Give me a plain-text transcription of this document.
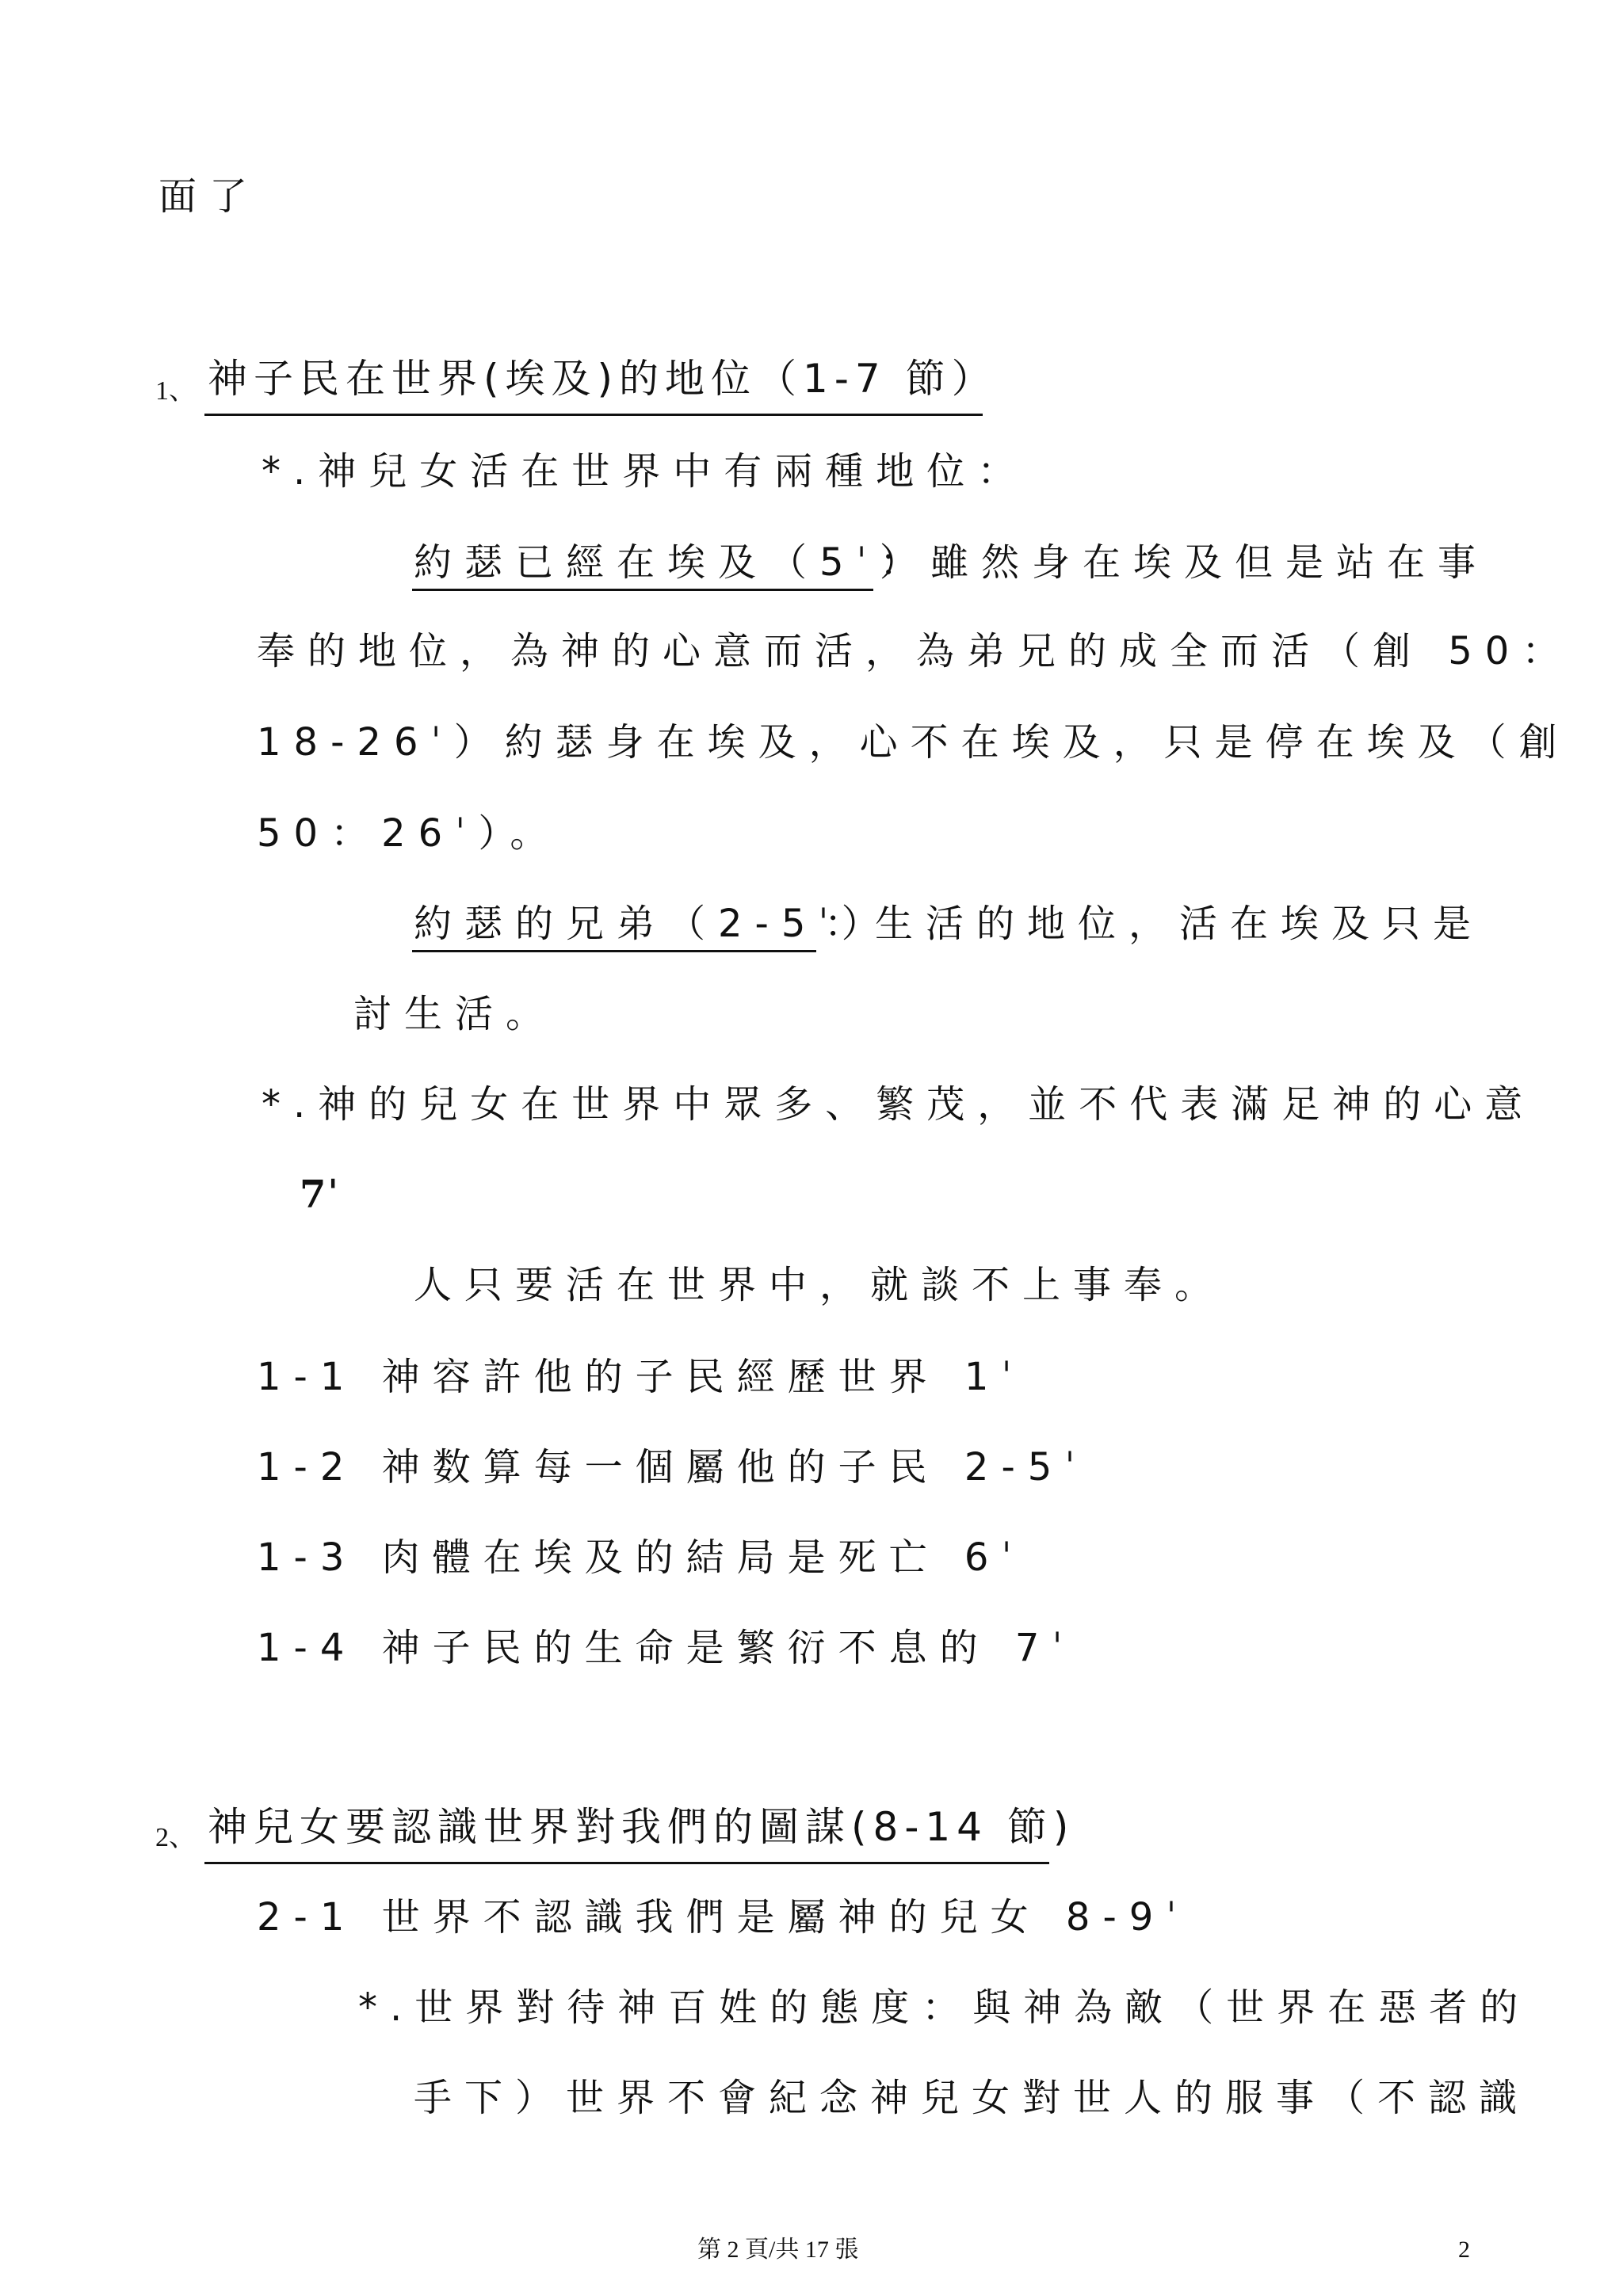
面了
1、 神子民在世界(埃及)的地位（1-7 節）
*.神兒女活在世界中有兩種地位：
約瑟已經在埃及（5ˈ）
：雖然身在埃及但是站在事
奉的地位，為神的心意而活，為弟兄的成全而活（創 50：
18-26ˈ）約瑟身在埃及，心不在埃及，只是停在埃及（創
50：26ˈ）。
約瑟的兄弟（2-5ˈ）
：生活的地位，活在埃及只是
討生活。
*.神的兒女在世界中眾多、繁茂，並不代表滿足神的心意
7ˈ
人只要活在世界中，就談不上事奉。
1-1 神容許他的子民經歷世界 1ˈ
1-2 神数算每一個屬他的子民 2-5ˈ
1-3 肉體在埃及的結局是死亡 6ˈ
1-4 神子民的生命是繁衍不息的 7ˈ
2、 神兒女要認識世界對我們的圖謀(8-14 節)
2-1 世界不認識我們是屬神的兒女 8-9ˈ
*.世界對待神百姓的態度：與神為敵（世界在惡者的
手下）世界不會紀念神兒女對世人的服事（不認識
第 2 頁/共 17 張	2
